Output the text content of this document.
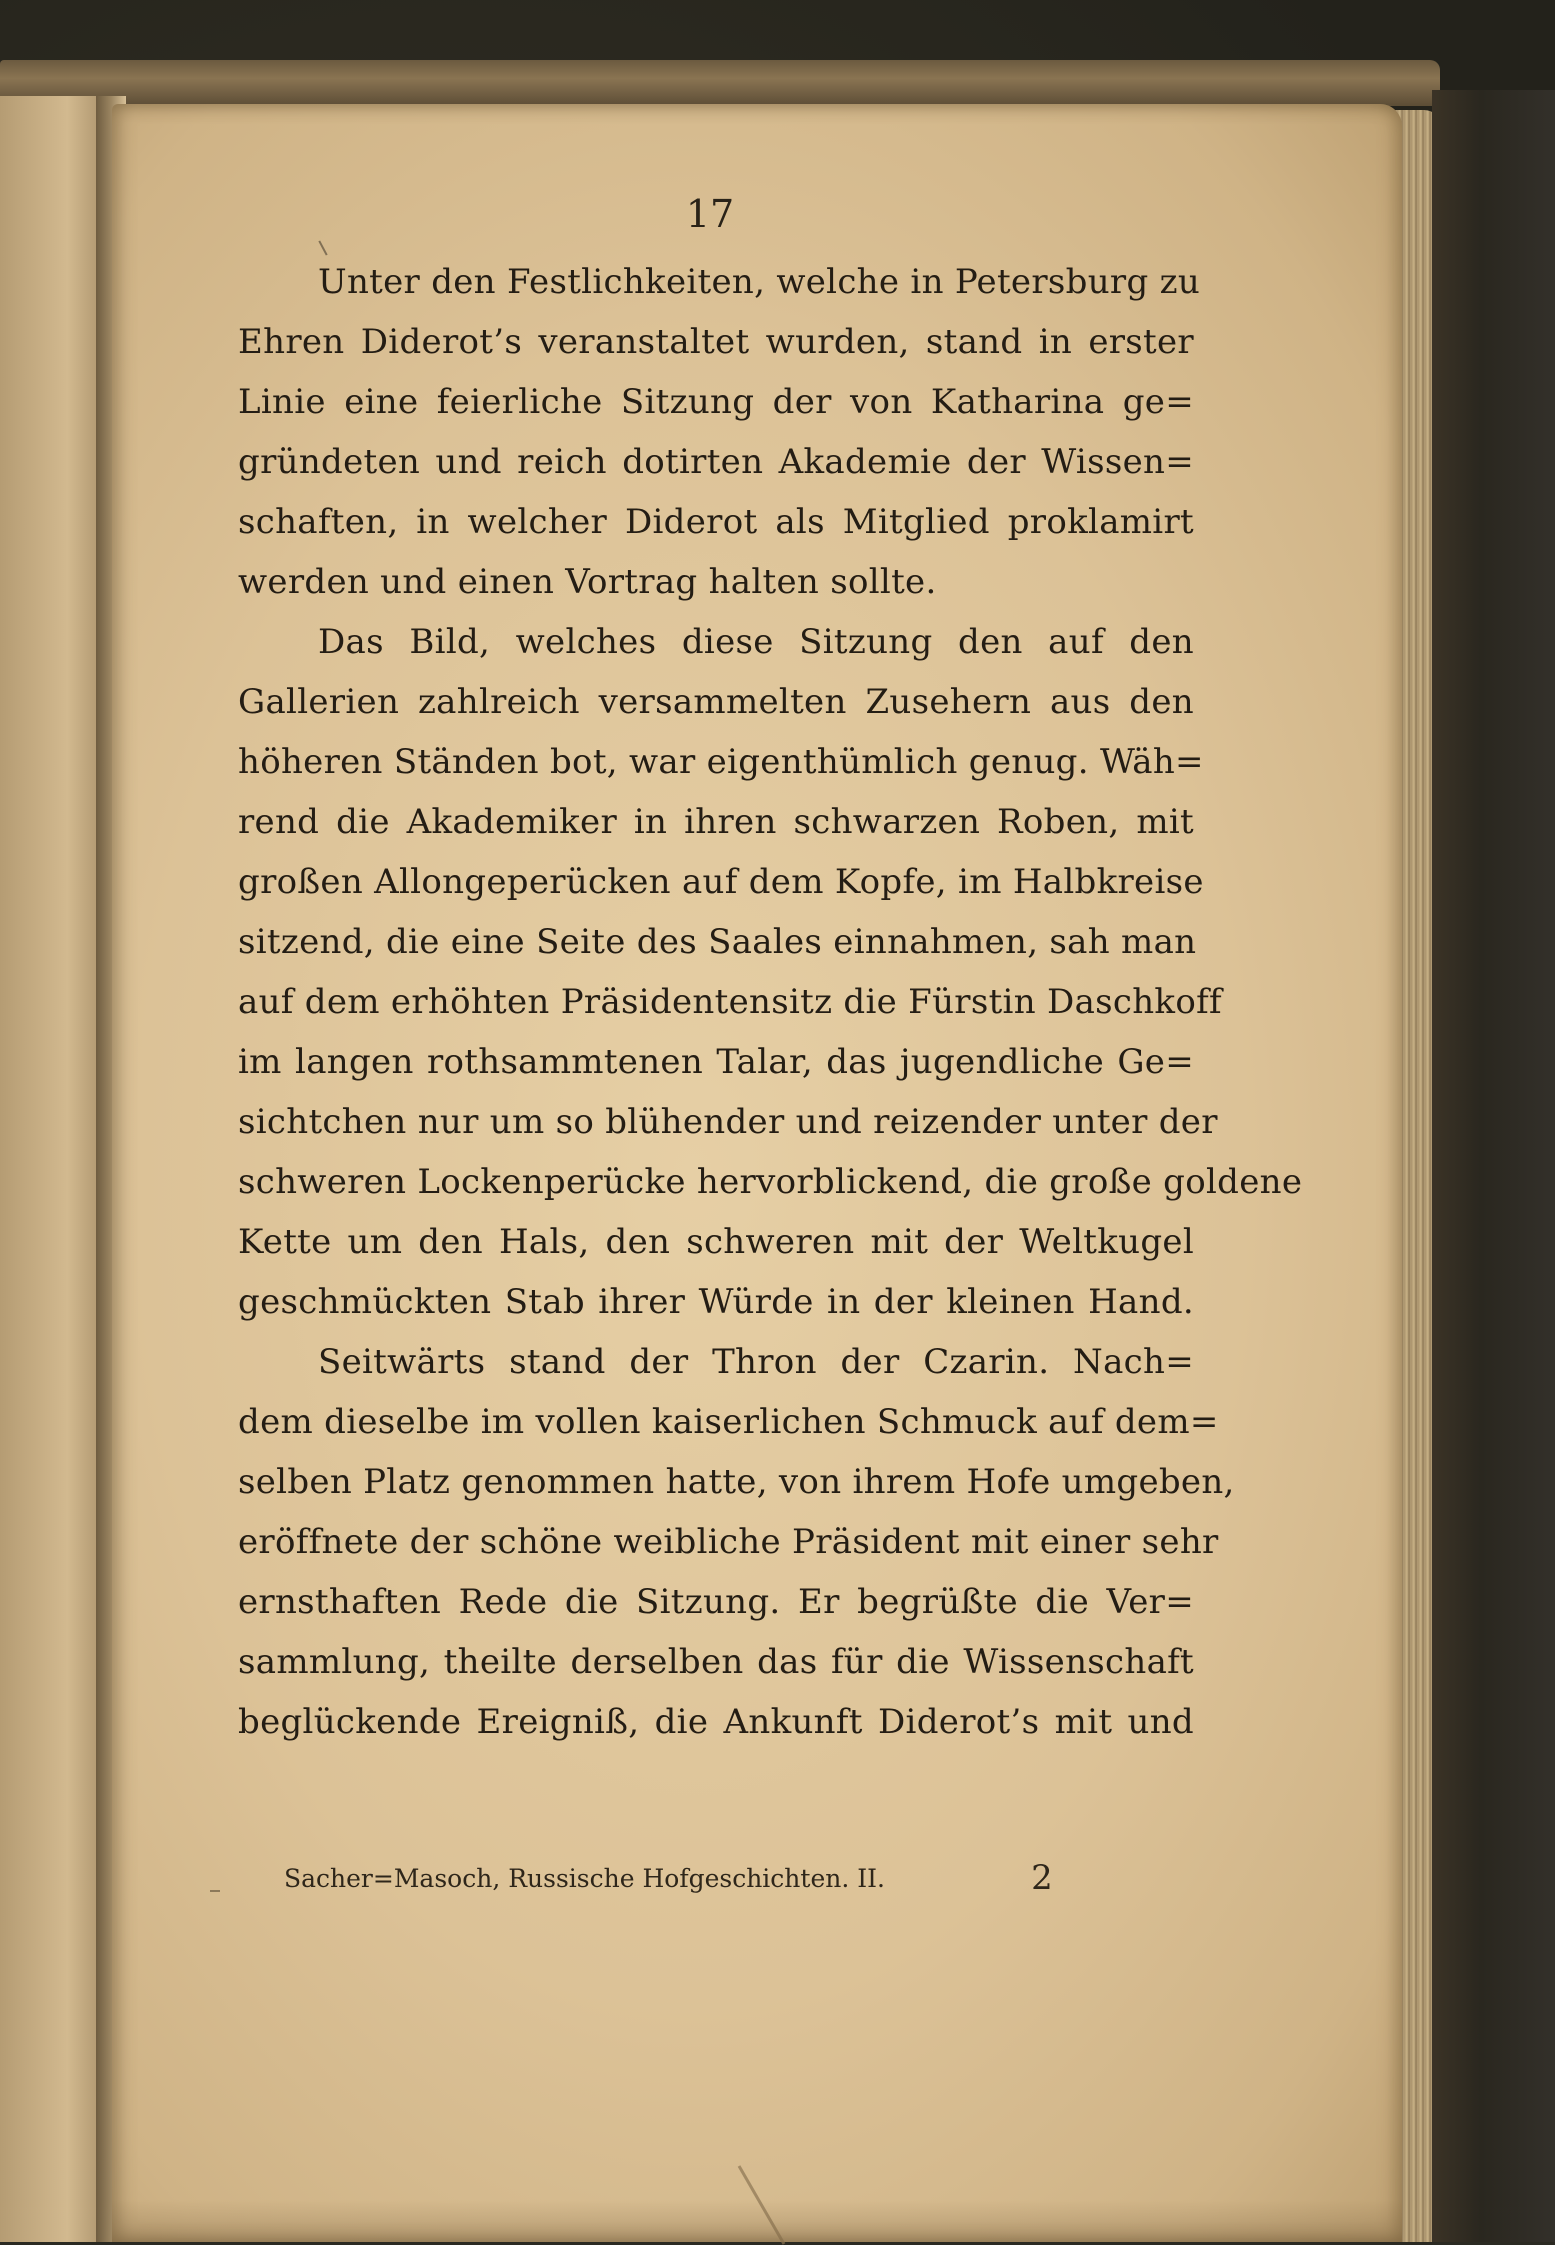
17
Unter den Festlichkeiten, welche in Petersburg zu
Ehren Diderot’s veranstaltet wurden, stand in erster
Linie eine feierliche Sitzung der von Katharina ge=
gründeten und reich dotirten Akademie der Wissen=
schaften, in welcher Diderot als Mitglied proklamirt
werden und einen Vortrag halten sollte.
Das Bild, welches diese Sitzung den auf den
Gallerien zahlreich versammelten Zusehern aus den
höheren Ständen bot, war eigenthümlich genug. Wäh=
rend die Akademiker in ihren schwarzen Roben, mit
großen Allongeperücken auf dem Kopfe, im Halbkreise
sitzend, die eine Seite des Saales einnahmen, sah man
auf dem erhöhten Präsidentensitz die Fürstin Daschkoff
im langen rothsammtenen Talar, das jugendliche Ge=
sichtchen nur um so blühender und reizender unter der
schweren Lockenperücke hervorblickend, die große goldene
Kette um den Hals, den schweren mit der Weltkugel
geschmückten Stab ihrer Würde in der kleinen Hand.
Seitwärts stand der Thron der Czarin. Nach=
dem dieselbe im vollen kaiserlichen Schmuck auf dem=
selben Platz genommen hatte, von ihrem Hofe umgeben,
eröffnete der schöne weibliche Präsident mit einer sehr
ernsthaften Rede die Sitzung. Er begrüßte die Ver=
sammlung, theilte derselben das für die Wissenschaft
beglückende Ereigniß, die Ankunft Diderot’s mit und
Sacher=Masoch, Russische Hofgeschichten. II.	2
